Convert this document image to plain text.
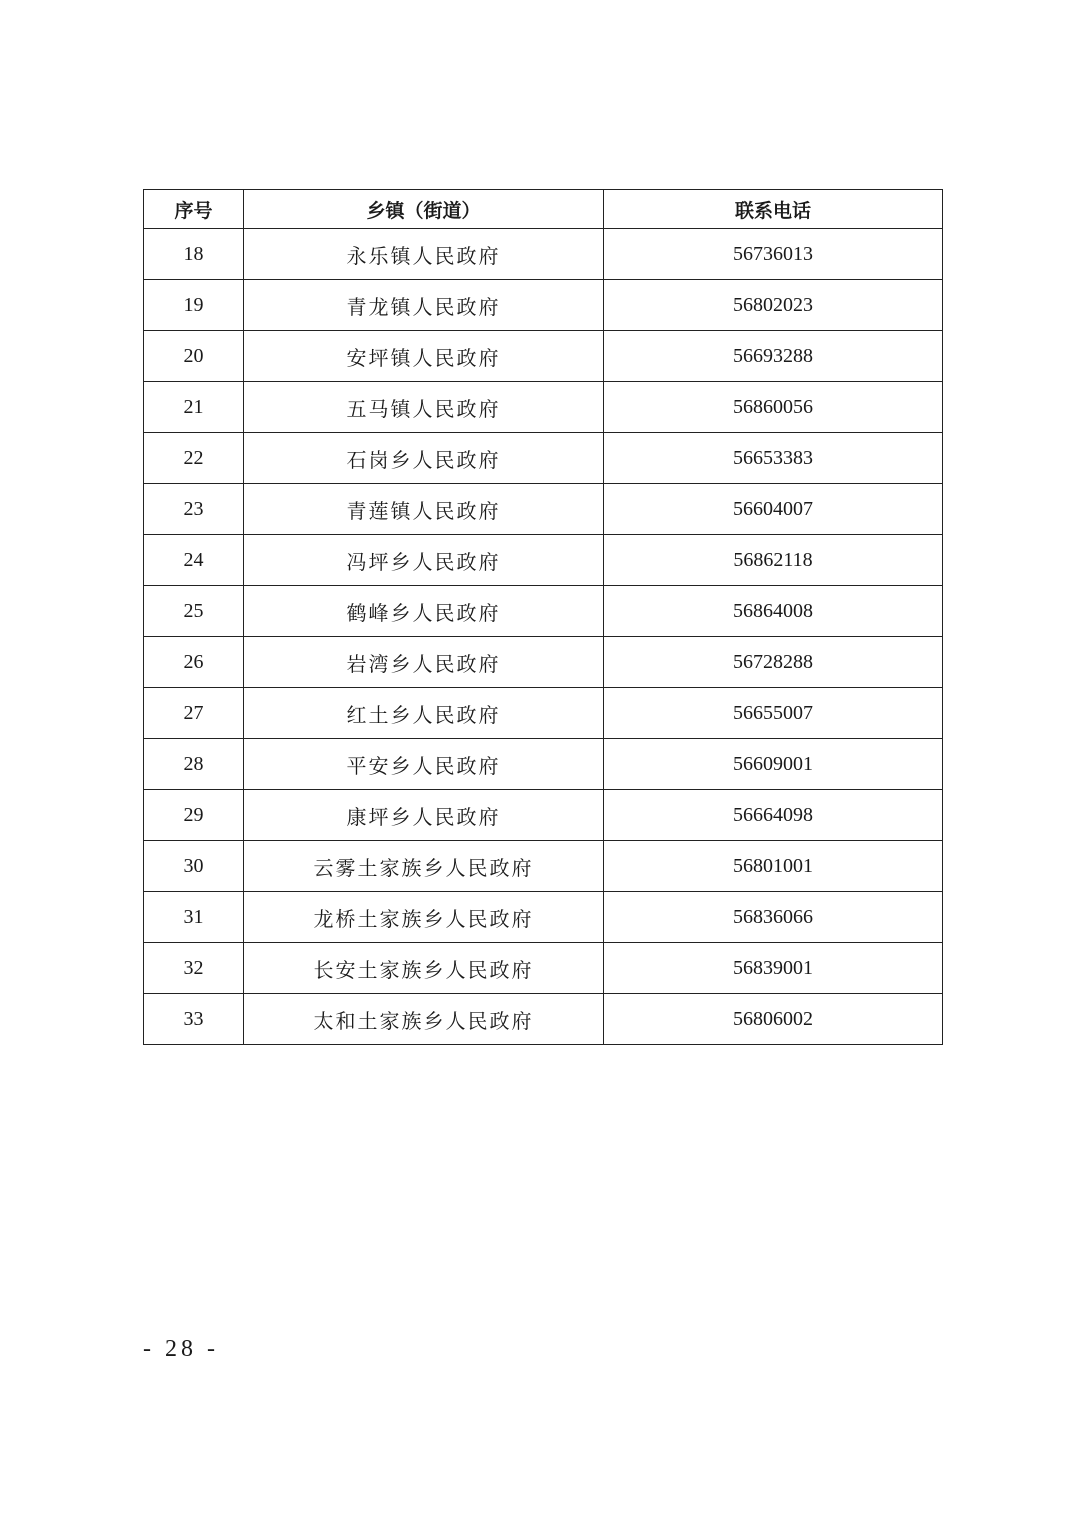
序号	乡镇（街道）	联系电话
18	永乐镇人民政府	56736013
19	青龙镇人民政府	56802023
20	安坪镇人民政府	56693288
21	五马镇人民政府	56860056
22	石岗乡人民政府	56653383
23	青莲镇人民政府	56604007
24	冯坪乡人民政府	56862118
25	鹤峰乡人民政府	56864008
26	岩湾乡人民政府	56728288
27	红土乡人民政府	56655007
28	平安乡人民政府	56609001
29	康坪乡人民政府	56664098
30	云雾土家族乡人民政府	56801001
31	龙桥土家族乡人民政府	56836066
32	长安土家族乡人民政府	56839001
33	太和土家族乡人民政府	56806002
- 28 -
